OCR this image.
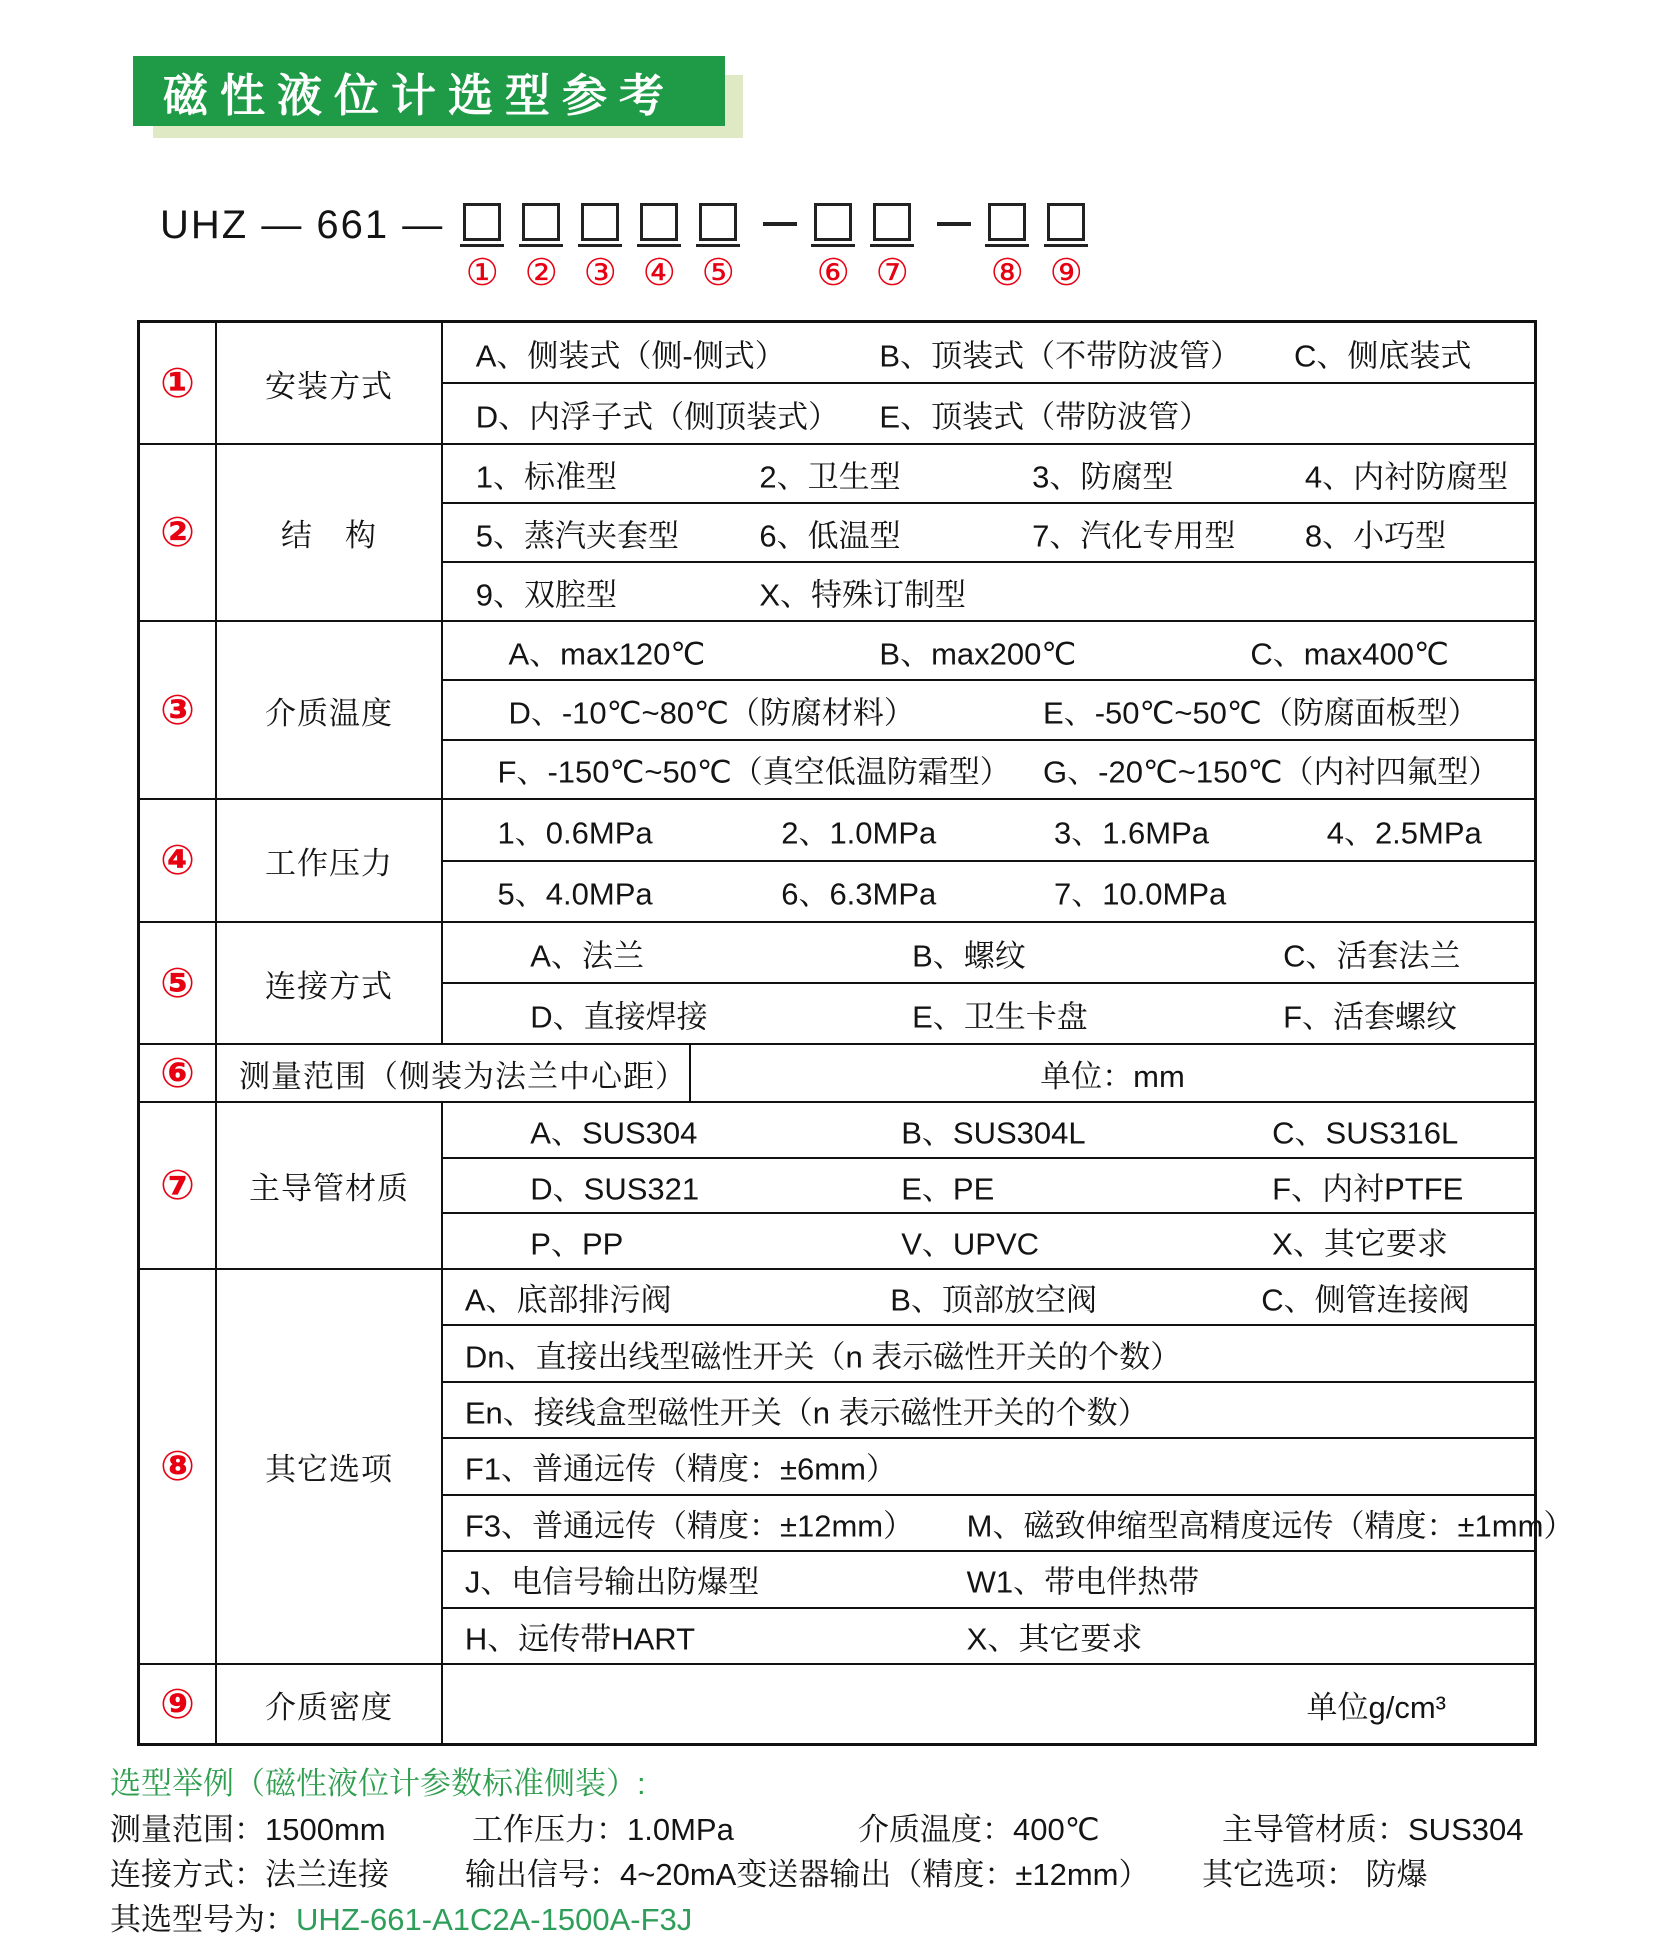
磁性液位计选型参考
UHZ — 661 —
① ② ③ ④ ⑤ ⑥ ⑦ ⑧ ⑨
①	安装方式
A、侧装式（侧-侧式）	B、顶装式（不带防波管） C、侧底装式
D、内浮子式（侧顶装式） E、顶装式（带防波管）
②	结　构
1、标准型	2、卫生型	3、防腐型	4、内衬防腐型
5、蒸汽夹套型	6、低温型	7、汽化专用型 8、小巧型
9、双腔型	X、特殊订制型
③	介质温度
A、max120℃	B、max200℃	C、max400℃
D、-10℃~80℃（防腐材料）	E、-50℃~50℃（防腐面板型）
F、-150℃~50℃（真空低温防霜型） G、-20℃~150℃（内衬四氟型）
④	工作压力
1、0.6MPa	2、1.0MPa	3、1.6MPa	4、2.5MPa
5、4.0MPa	6、6.3MPa	7、10.0MPa
⑤	连接方式
A、法兰	B、螺纹	C、活套法兰
D、直接焊接	E、卫生卡盘	F、活套螺纹
⑥	测量范围（侧装为法兰中心距）	单位：mm
⑦	主导管材质
A、SUS304	B、SUS304L	C、SUS316L
D、SUS321	E、PE	F、内衬PTFE
P、PP	V、UPVC	X、其它要求
⑧	其它选项
A、底部排污阀	B、顶部放空阀	C、侧管连接阀
Dn、直接出线型磁性开关（n 表示磁性开关的个数）
En、接线盒型磁性开关（n 表示磁性开关的个数）
F1、普通远传（精度：±6mm）
F3、普通远传（精度：±12mm） M、磁致伸缩型高精度远传（精度：±1mm）
J、电信号输出防爆型	W1、带电伴热带
H、远传带HART	X、其它要求
⑨	介质密度	单位g/cm³
选型举例（磁性液位计参数标准侧装）:
测量范围：1500mm	工作压力：1.0MPa	介质温度：400℃	主导管材质：SUS304
连接方式：法兰连接 输出信号：4~20mA变送器输出（精度：±12mm） 其它选项： 防爆
其选型号为：UHZ-661-A1C2A-1500A-F3J
